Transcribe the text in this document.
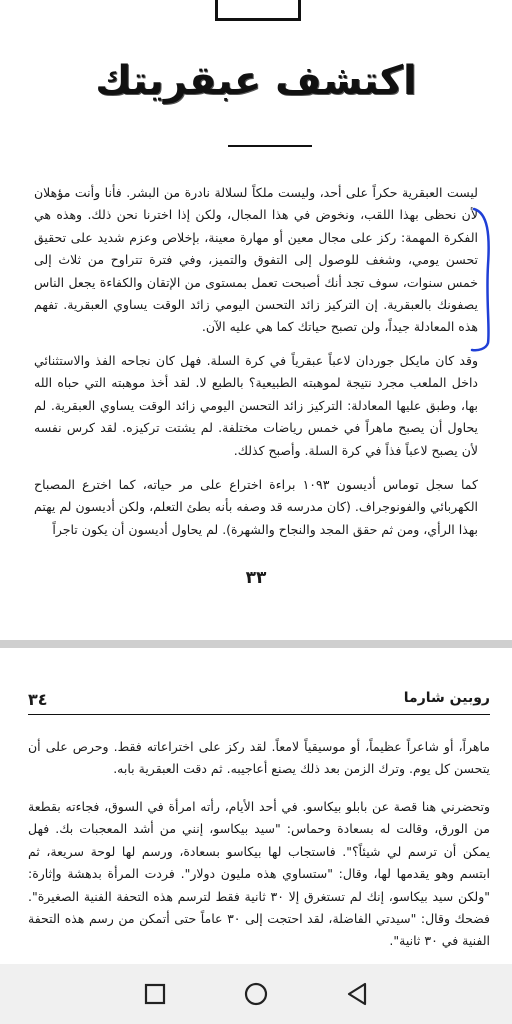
اكتشف عبقريتك
ليست العبقرية حكراً على أحد، وليست ملكاً لسلالة نادرة من البشر. فأنا وأنت مؤهلان لأن نحظى بهذا اللقب، ونخوض في هذا المجال، ولكن إذا اخترنا نحن ذلك. وهذه هي الفكرة المهمة: ركز على مجال معين أو مهارة معينة، بإخلاص وعزم شديد على تحقيق تحسن يومي، وشغف للوصول إلى التفوق والتميز، وفي فترة تتراوح من ثلاث إلى خمس سنوات، سوف تجد أنك أصبحت تعمل بمستوى من الإتقان والكفاءة يجعل الناس يصفونك بالعبقرية. إن التركيز زائد التحسن اليومي زائد الوقت يساوي العبقرية. تفهم هذه المعادلة جيداً، ولن تصبح حياتك كما هي عليه الآن.
وقد كان مايكل جوردان لاعباً عبقرياً في كرة السلة. فهل كان نجاحه الفذ والاستثنائي داخل الملعب مجرد نتيجة لموهبته الطبيعية؟ بالطبع لا. لقد أخذ موهبته التي حباه الله بها، وطبق عليها المعادلة: التركيز زائد التحسن اليومي زائد الوقت يساوي العبقرية. لم يحاول أن يصبح ماهراً في خمس رياضات مختلفة. لم يشتت تركيزه. لقد كرس نفسه لأن يصبح لاعباً فذاً في كرة السلة. وأصبح كذلك.
كما سجل توماس أديسون ١٠٩٣ براءة اختراع على مر حياته، كما اخترع المصباح الكهربائي والفونوجراف. (كان مدرسه قد وصفه بأنه بطئ التعلم، ولكن أديسون لم يهتم بهذا الرأي، ومن ثم حقق المجد والنجاح والشهرة). لم يحاول أديسون أن يكون تاجراً
٣٣
٣٤	روبين شارما
ماهراً، أو شاعراً عظيماً، أو موسيقياً لامعاً. لقد ركز على اختراعاته فقط. وحرص على أن يتحسن كل يوم. وترك الزمن بعد ذلك يصنع أعاجيبه. ثم دقت العبقرية بابه.
وتحضرني هنا قصة عن بابلو بيكاسو. في أحد الأيام، رأته امرأة في السوق، فجاءته بقطعة من الورق، وقالت له بسعادة وحماس: "سيد بيكاسو، إنني من أشد المعجبات بك. فهل يمكن أن ترسم لي شيئاً؟". فاستجاب لها بيكاسو بسعادة، ورسم لها لوحة سريعة، ثم ابتسم وهو يقدمها لها، وقال: "ستساوي هذه مليون دولار". فردت المرأة بدهشة وإثارة: "ولكن سيد بيكاسو، إنك لم تستغرق إلا ٣٠ ثانية فقط لترسم هذه التحفة الفنية الصغيرة". فضحك وقال: "سيدتي الفاضلة، لقد احتجت إلى ٣٠ عاماً حتى أتمكن من رسم هذه التحفة الفنية في ٣٠ ثانية".
